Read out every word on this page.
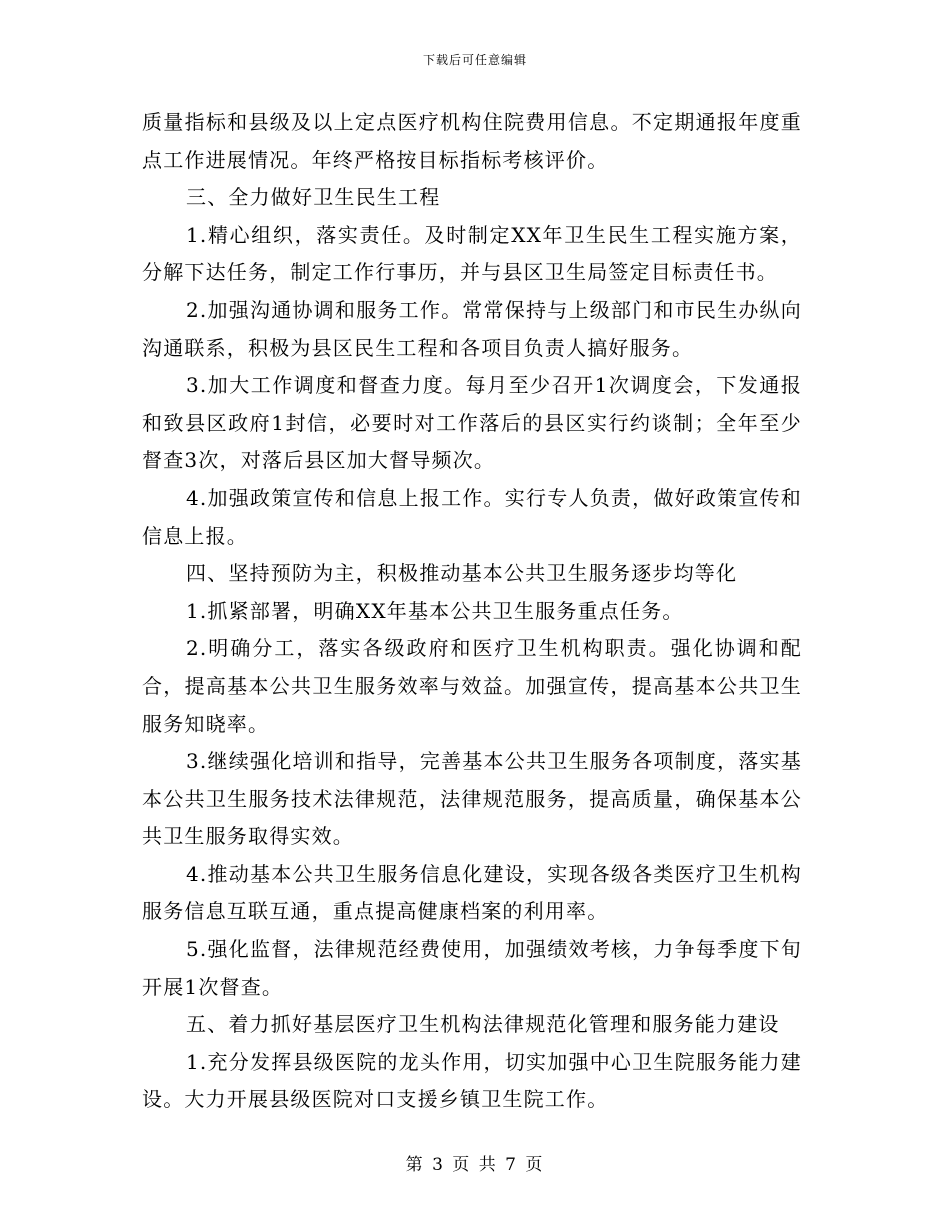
下载后可任意编辑

质量指标和县级及以上定点医疗机构住院费用信息。不定期通报年度重点工作进展情况。年终严格按目标指标考核评价。

三、全力做好卫生民生工程

1.精心组织，落实责任。及时制定XX年卫生民生工程实施方案，分解下达任务，制定工作行事历，并与县区卫生局签定目标责任书。

2.加强沟通协调和服务工作。常常保持与上级部门和市民生办纵向沟通联系，积极为县区民生工程和各项目负责人搞好服务。

3.加大工作调度和督查力度。每月至少召开1次调度会，下发通报和致县区政府1封信，必要时对工作落后的县区实行约谈制；全年至少督查3次，对落后县区加大督导频次。

4.加强政策宣传和信息上报工作。实行专人负责，做好政策宣传和信息上报。

四、坚持预防为主，积极推动基本公共卫生服务逐步均等化

1.抓紧部署，明确XX年基本公共卫生服务重点任务。

2.明确分工，落实各级政府和医疗卫生机构职责。强化协调和配合，提高基本公共卫生服务效率与效益。加强宣传，提高基本公共卫生服务知晓率。

3.继续强化培训和指导，完善基本公共卫生服务各项制度，落实基本公共卫生服务技术法律规范，法律规范服务，提高质量，确保基本公共卫生服务取得实效。

4.推动基本公共卫生服务信息化建设，实现各级各类医疗卫生机构服务信息互联互通，重点提高健康档案的利用率。

5.强化监督，法律规范经费使用，加强绩效考核，力争每季度下旬开展1次督查。

五、着力抓好基层医疗卫生机构法律规范化管理和服务能力建设

1.充分发挥县级医院的龙头作用，切实加强中心卫生院服务能力建设。大力开展县级医院对口支援乡镇卫生院工作。

第 3 页 共 7 页
